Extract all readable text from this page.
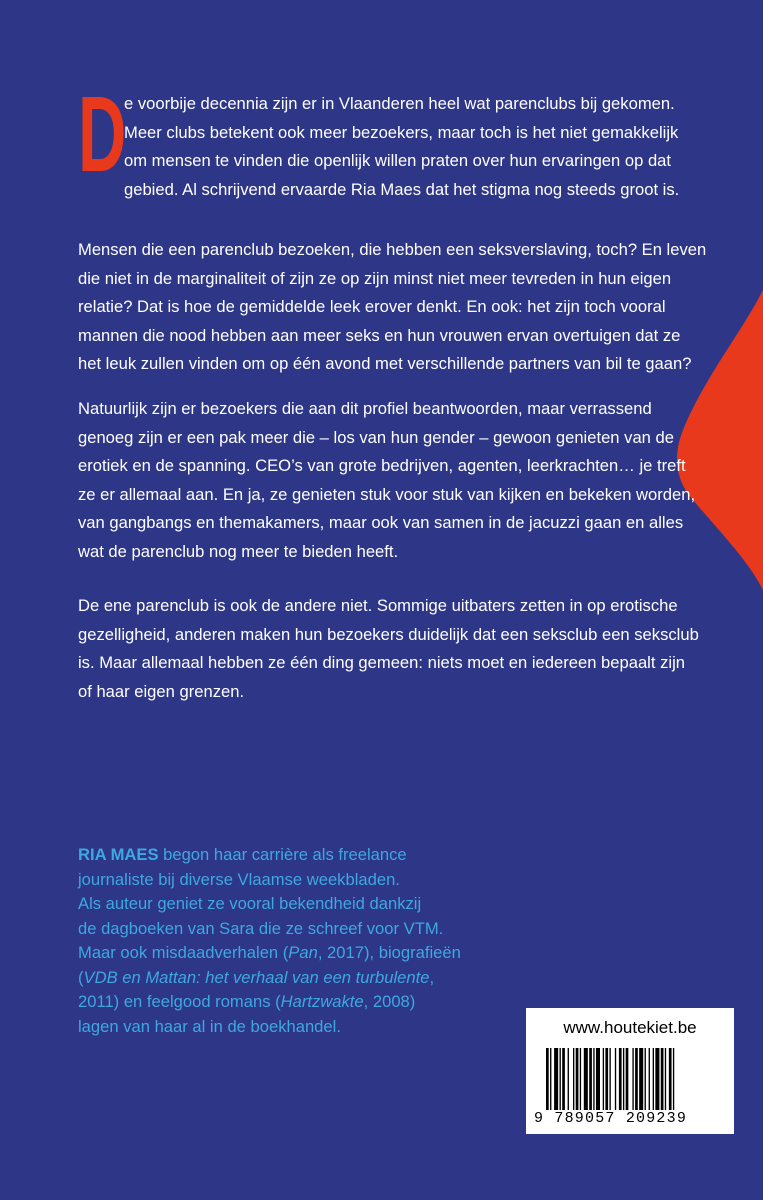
D
e voorbije decennia zijn er in Vlaanderen heel wat parenclubs bij gekomen.
Meer clubs betekent ook meer bezoekers, maar toch is het niet gemakkelijk
om mensen te vinden die openlijk willen praten over hun ervaringen op dat
gebied. Al schrijvend ervaarde Ria Maes dat het stigma nog steeds groot is.
Mensen die een parenclub bezoeken, die hebben een seksverslaving, toch? En leven
die niet in de marginaliteit of zijn ze op zijn minst niet meer tevreden in hun eigen
relatie? Dat is hoe de gemiddelde leek erover denkt. En ook: het zijn toch vooral
mannen die nood hebben aan meer seks en hun vrouwen ervan overtuigen dat ze
het leuk zullen vinden om op één avond met verschillende partners van bil te gaan?
Natuurlijk zijn er bezoekers die aan dit profiel beantwoorden, maar verrassend
genoeg zijn er een pak meer die – los van hun gender – gewoon genieten van de
erotiek en de spanning. CEO’s van grote bedrijven, agenten, leerkrachten… je treft
ze er allemaal aan. En ja, ze genieten stuk voor stuk van kijken en bekeken worden,
van gangbangs en themakamers, maar ook van samen in de jacuzzi gaan en alles
wat de parenclub nog meer te bieden heeft.
De ene parenclub is ook de andere niet. Sommige uitbaters zetten in op erotische
gezelligheid, anderen maken hun bezoekers duidelijk dat een seksclub een seksclub
is. Maar allemaal hebben ze één ding gemeen: niets moet en iedereen bepaalt zijn
of haar eigen grenzen.
RIA MAES begon haar carrière als freelance
journaliste bij diverse Vlaamse weekbladen.
Als auteur geniet ze vooral bekendheid dankzij
de dagboeken van Sara die ze schreef voor VTM.
Maar ook misdaadverhalen (Pan, 2017), biografieën
(VDB en Mattan: het verhaal van een turbulente,
2011) en feelgood romans (Hartzwakte, 2008)
lagen van haar al in de boekhandel.	www.houtekiet.be
9 789057 209239
